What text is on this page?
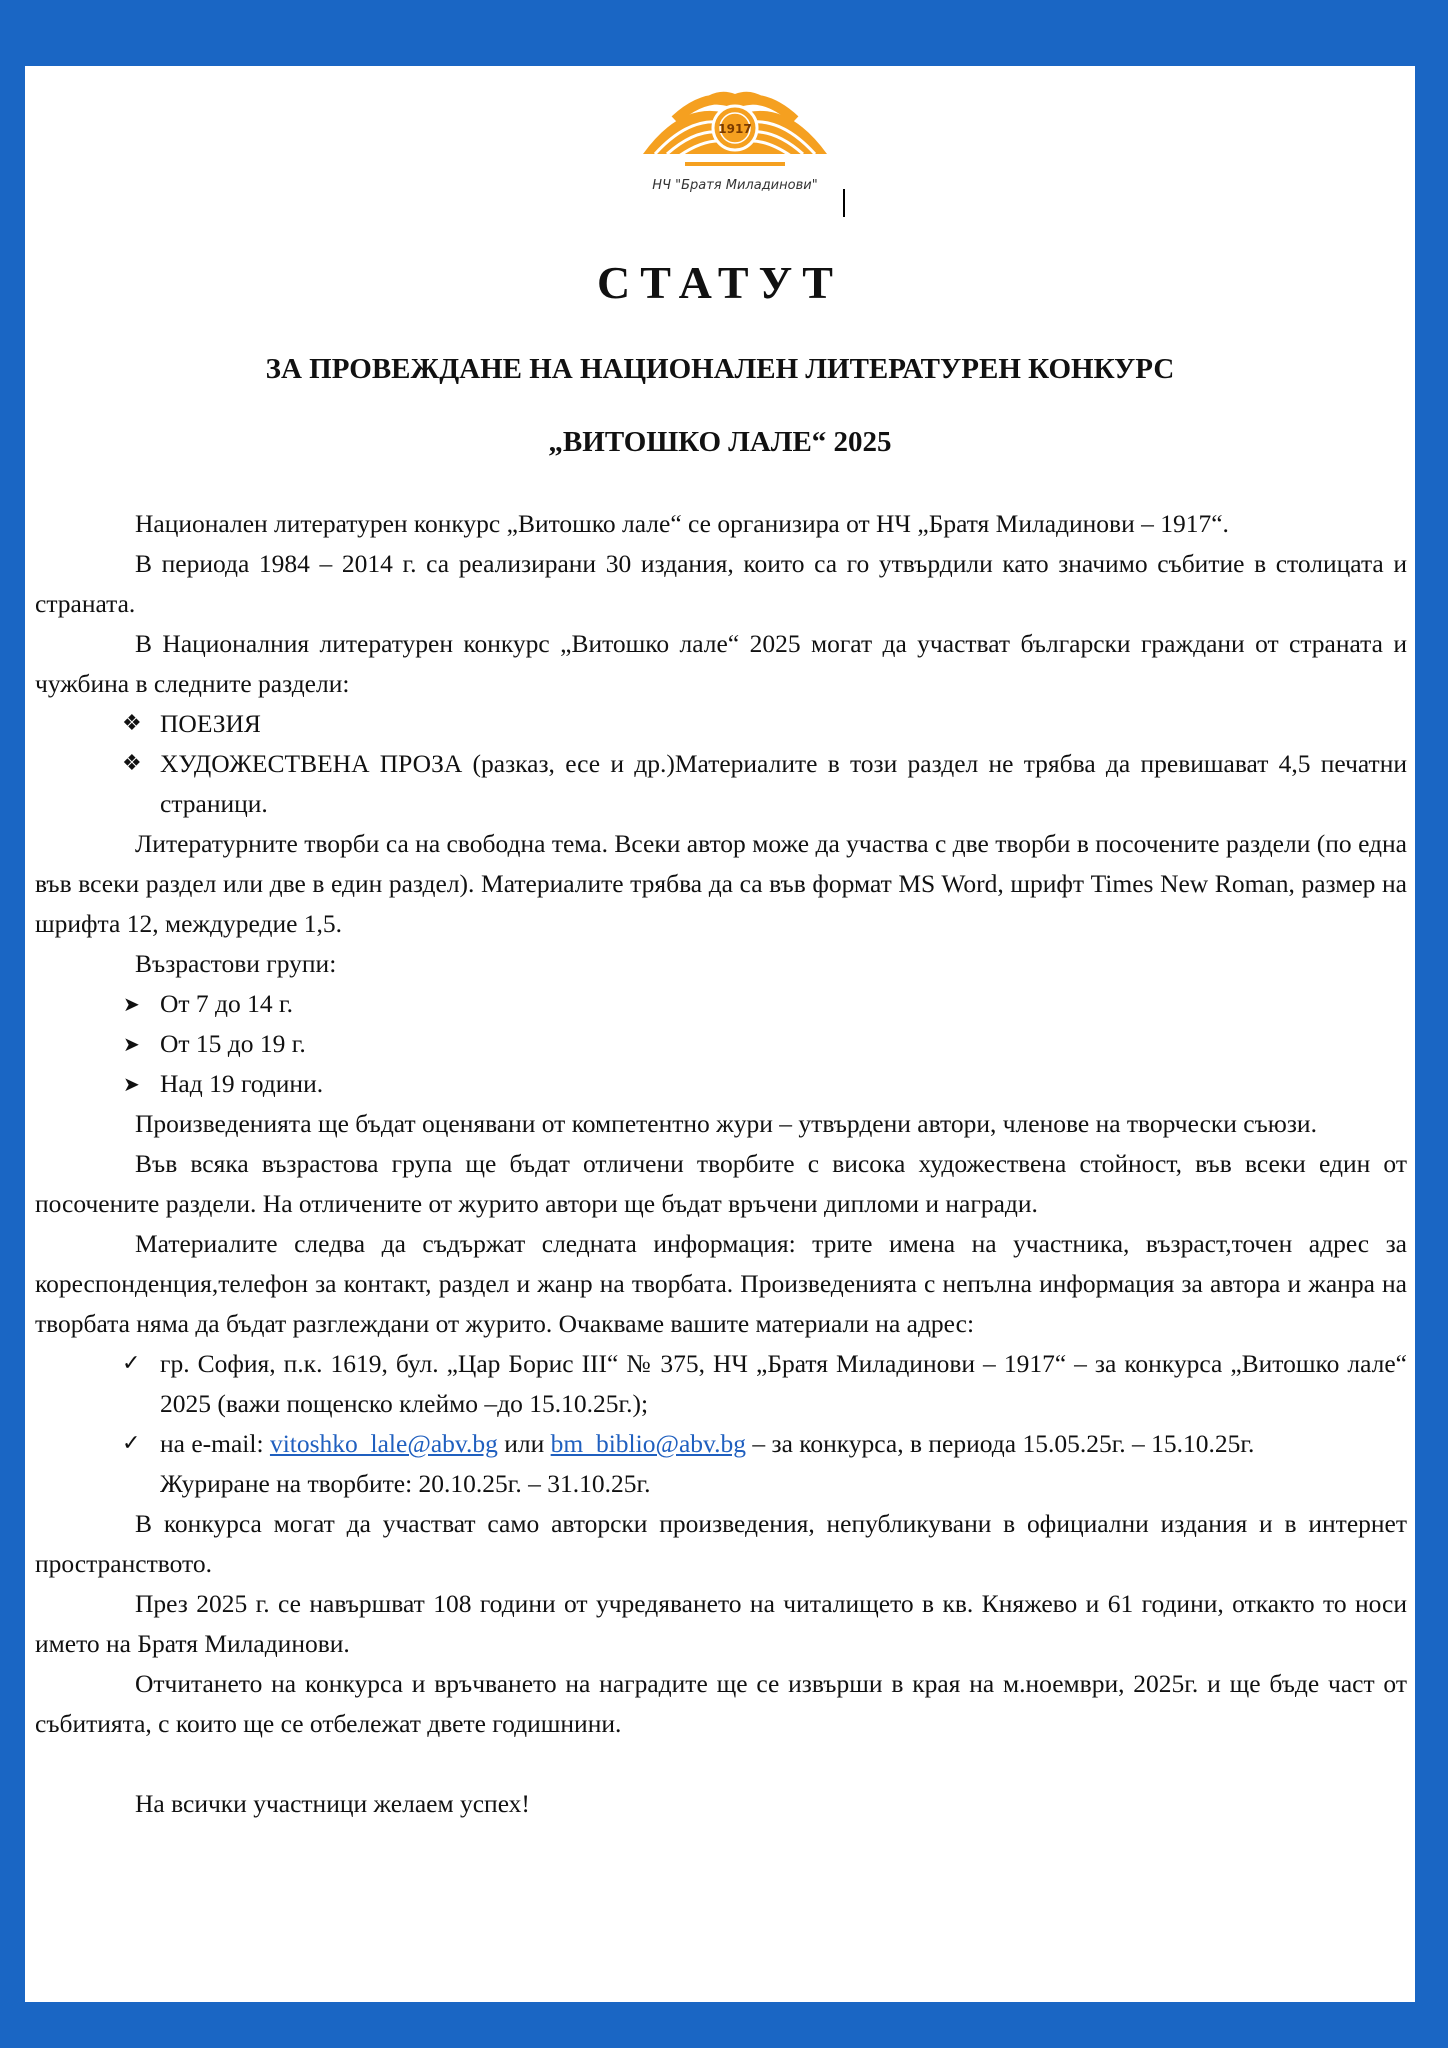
1917
НЧ "Братя Миладинови"
СТАТУТ
ЗА ПРОВЕЖДАНЕ НА НАЦИОНАЛЕН ЛИТЕРАТУРЕН КОНКУРС
„ВИТОШКО ЛАЛЕ“ 2025

Национален литературен конкурс „Витошко лале“ се организира от НЧ „Братя Миладинови – 1917“.

В периода 1984 – 2014 г. са реализирани 30 издания, които са го утвърдили като значимо събитие в столицата и страната.

В Националния литературен конкурс „Витошко лале“ 2025 могат да участват български граждани от страната и чужбина в следните раздели:

❖ ПОЕЗИЯ
❖ ХУДОЖЕСТВЕНА ПРОЗА (разказ, есе и др.)Материалите в този раздел не трябва да превишават 4,5 печатни страници.

Литературните творби са на свободна тема. Всеки автор може да участва с две творби в посочените раздели (по една във всеки раздел или две в един раздел). Материалите трябва да са във формат MS Word, шрифт Times New Roman, размер на шрифта 12, междуредие 1,5.

Възрастови групи:

➤ От 7 до 14 г.
➤ От 15 до 19 г.
➤ Над 19 години.

Произведенията ще бъдат оценявани от компетентно жури – утвърдени автори, членове на творчески съюзи.

Във всяка възрастова група ще бъдат отличени творбите с висока художествена стойност, във всеки един от посочените раздели. На отличените от журито автори ще бъдат връчени дипломи и награди.

Материалите следва да съдържат следната информация: трите имена на участника, възраст,точен адрес за кореспонденция,телефон за контакт, раздел и жанр на творбата. Произведенията с непълна информация за автора и жанра на творбата няма да бъдат разглеждани от журито. Очакваме вашите материали на адрес:

✓ гр. София, п.к. 1619, бул. „Цар Борис III“ № 375, НЧ „Братя Миладинови – 1917“ – за конкурса „Витошко лале“ 2025 (важи пощенско клеймо –до 15.10.25г.);
✓ на e-mail: vitoshko_lale@abv.bg или bm_biblio@abv.bg – за конкурса, в периода 15.05.25г. – 15.10.25г.

Журиране на творбите: 20.10.25г. – 31.10.25г.

В конкурса могат да участват само авторски произведения, непубликувани в официални издания и в интернет пространството.

През 2025 г. се навършват 108 години от учредяването на читалището в кв. Княжево и 61 години, откакто то носи името на Братя Миладинови.

Отчитането на конкурса и връчването на наградите ще се извърши в края на м.ноември, 2025г. и ще бъде част от събитията, с които ще се отбележат двете годишнини.

На всички участници желаем успех!
